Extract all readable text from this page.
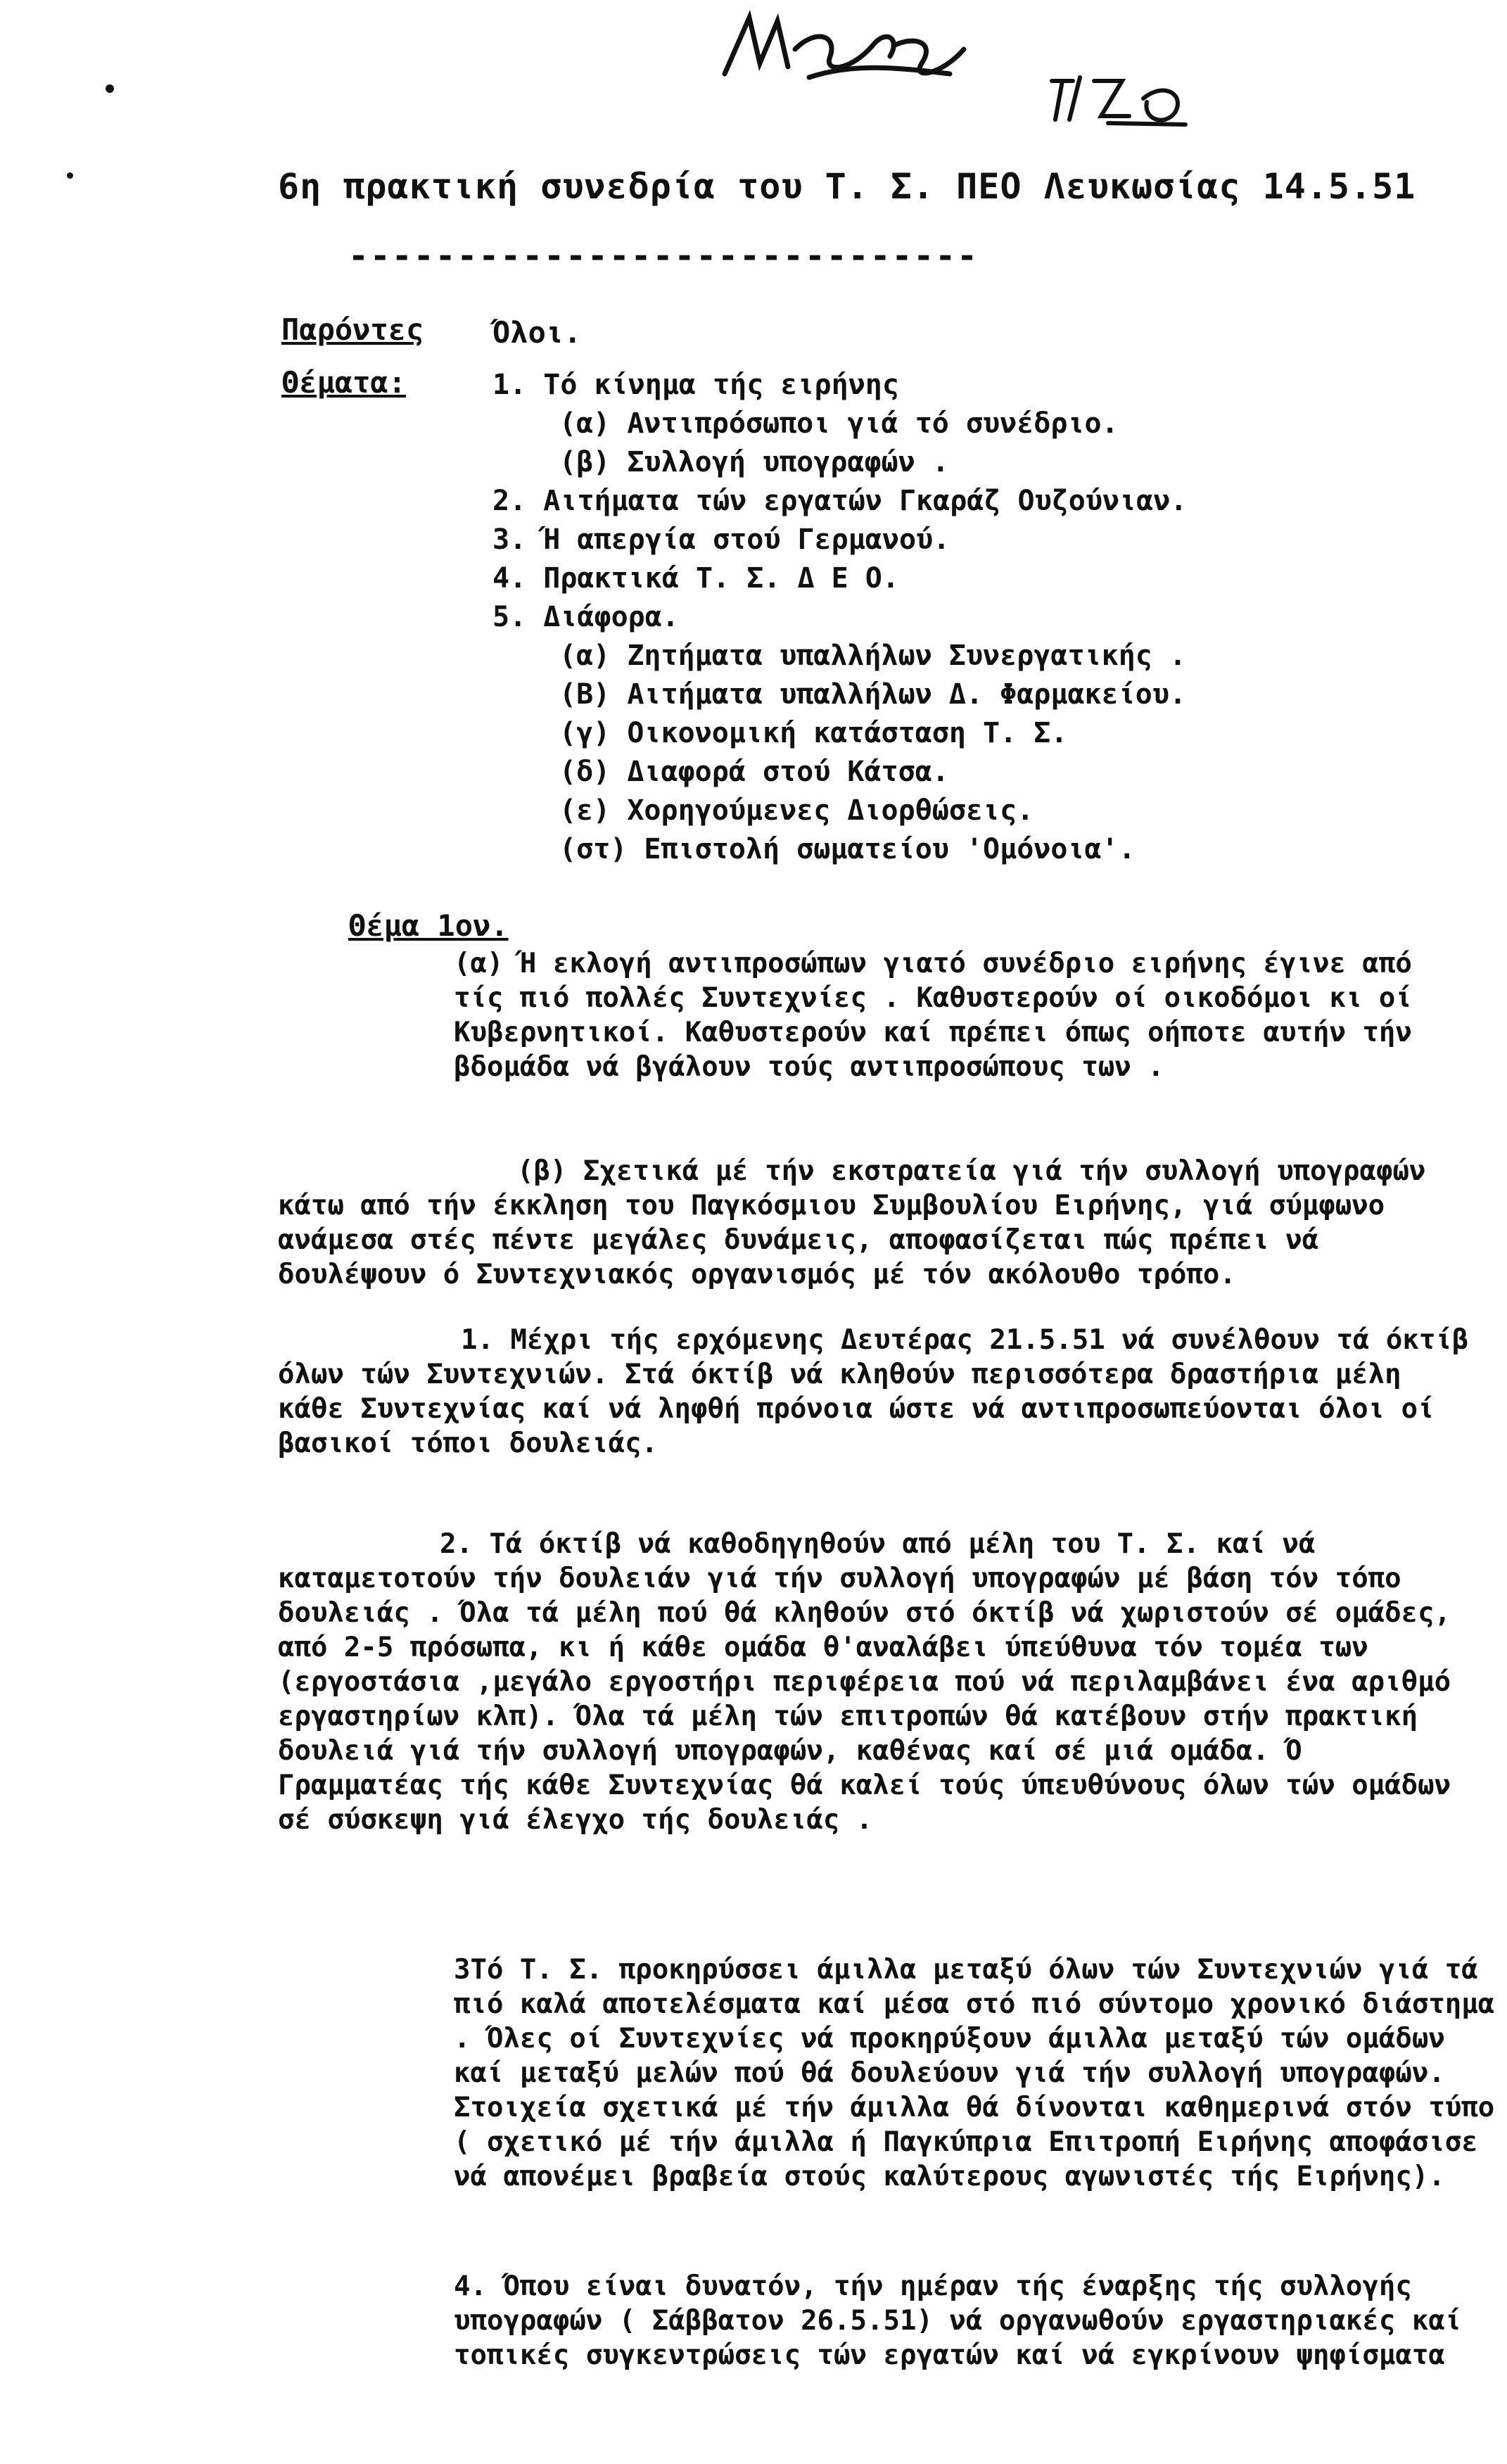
6η πρακτική συνεδρία του Τ. Σ. ΠΕΟ Λευκωσίας 14.5.51
-----------------------------
Παρόντες Όλοι.
Θέματα:	1. Τό κίνημα τής ειρήνης
(α) Αντιπρόσωποι γιά τό συνέδριο.
(β) Συλλογή υπογραφών .
2. Αιτήματα τών εργατών Γκαράζ Ουζούνιαν.
3. Ή απεργία στού Γερμανού.
4. Πρακτικά Τ. Σ. Δ Ε Ο.
5. Διάφορα.
(α) Ζητήματα υπαλλήλων Συνεργατικής .
(Β) Αιτήματα υπαλλήλων Δ. Φαρμακείου.
(γ) Οικονομική κατάσταση Τ. Σ.
(δ) Διαφορά στού Κάτσα.
(ε) Χορηγούμενες Διορθώσεις.
(στ) Επιστολή σωματείου 'Ομόνοια'.
Θέμα 1ον.

(α) Ή εκλογή αντιπροσώπων γιατό συνέδριο ειρήνης έγινε από τίς πιό πολλές Συντεχνίες . Καθυστερούν οί οικοδόμοι κι οί Κυβερνητικοί. Καθυστερούν καί πρέπει όπως οήποτε αυτήν τήν βδομάδα νά βγάλουν τούς αντιπροσώπους των .

(β) Σχετικά μέ τήν εκστρατεία γιά τήν συλλογή υπογραφών κάτω από τήν έκκληση του Παγκόσμιου Συμβουλίου Ειρήνης, γιά σύμφωνο ανάμεσα στές πέντε μεγάλες δυνάμεις, αποφασίζεται πώς πρέπει νά δουλέψουν ό Συντεχνιακός οργανισμός μέ τόν ακόλουθο τρόπο.

1. Μέχρι τής ερχόμενης Δευτέρας 21.5.51 νά συνέλθουν τά όκτίβ όλων τών Συντεχνιών. Στά όκτίβ νά κληθούν περισσότερα δραστήρια μέλη κάθε Συντεχνίας καί νά ληφθή πρόνοια ώστε νά αντιπροσωπεύονται όλοι οί βασικοί τόποι δουλειάς.

2. Τά όκτίβ νά καθοδηγηθούν από μέλη του Τ. Σ. καί νά καταμετοτούν τήν δουλειάν γιά τήν συλλογή υπογραφών μέ βάση τόν τόπο δουλειάς . Όλα τά μέλη πού θά κληθούν στό όκτίβ νά χωριστούν σέ ομάδες, από 2-5 πρόσωπα, κι ή κάθε ομάδα θ'αναλάβει ύπεύθυνα τόν τομέα των (εργοστάσια ,μεγάλο εργοστήρι περιφέρεια πού νά περιλαμβάνει ένα αριθμό εργαστηρίων κλπ). Όλα τά μέλη τών επιτροπών θά κατέβουν στήν πρακτική δουλειά γιά τήν συλλογή υπογραφών, καθένας καί σέ μιά ομάδα. Ό Γραμματέας τής κάθε Συντεχνίας θά καλεί τούς ύπευθύνους όλων τών ομάδων σέ σύσκεψη γιά έλεγχο τής δουλειάς .

3Τό Τ. Σ. προκηρύσσει άμιλλα μεταξύ όλων τών Συντεχνιών γιά τά πιό καλά αποτελέσματα καί μέσα στό πιό σύντομο χρονικό διάστημα . Όλες οί Συντεχνίες νά προκηρύξουν άμιλλα μεταξύ τών ομάδων καί μεταξύ μελών πού θά δουλεύουν γιά τήν συλλογή υπογραφών. Στοιχεία σχετικά μέ τήν άμιλλα θά δίνονται καθημερινά στόν τύπο ( σχετικό μέ τήν άμιλλα ή Παγκύπρια Επιτροπή Ειρήνης αποφάσισε νά απονέμει βραβεία στούς καλύτερους αγωνιστές τής Ειρήνης).

4. Όπου είναι δυνατόν, τήν ημέραν τής έναρξης τής συλλογής υπογραφών ( Σάββατον 26.5.51) νά οργανωθούν εργαστηριακές καί τοπικές συγκεντρώσεις τών εργατών καί νά εγκρίνουν ψηφίσματα
